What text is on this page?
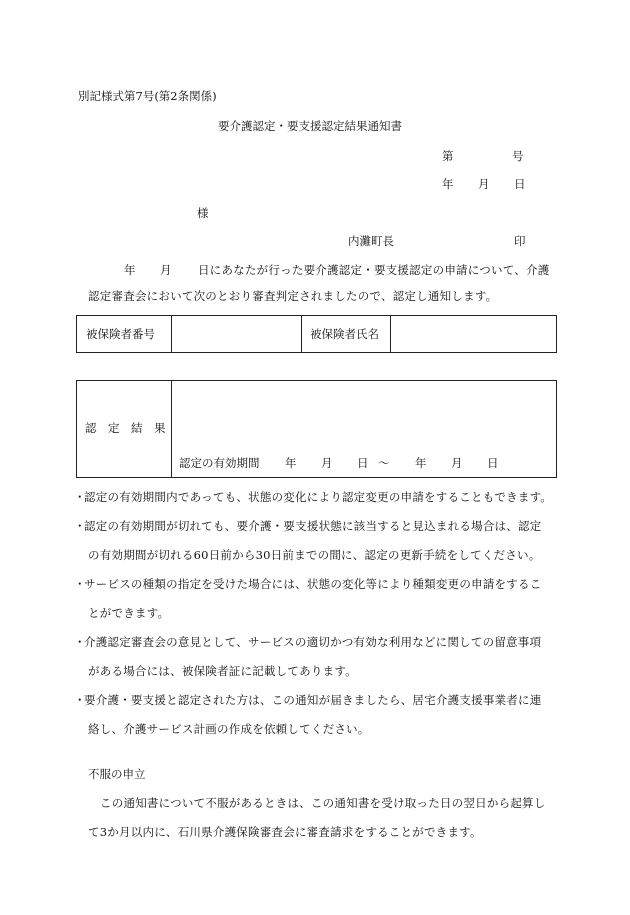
別記様式第7号(第2条関係)
要介護認定・要支援認定結果通知書
第	号
年 月 日
様
内灘町長	印
年 月 日にあなたが行った要介護認定・要支援認定の申請について、介護
認定審査会において次のとおり審査判定されましたので、認定し通知します。
被保険者番号	被保険者氏名
認　定　結　果
認定の有効期間 年 月 日 ～ 年 月 日
・
認定の有効期間内であっても、状態の変化により認定変更の申請をすることもできます。
・
認定の有効期間が切れても、要介護・要支援状態に該当すると見込まれる場合は、認定
の有効期間が切れる60日前から30日前までの間に、認定の更新手続をしてください。
・
サービスの種類の指定を受けた場合には、状態の変化等により種類変更の申請をするこ
とができます。
・
介護認定審査会の意見として、サービスの適切かつ有効な利用などに関しての留意事項
がある場合には、被保険者証に記載してあります。
・
要介護・要支援と認定された方は、この通知が届きましたら、居宅介護支援事業者に連
絡し、介護サービス計画の作成を依頼してください。
不服の申立
この通知書について不服があるときは、この通知書を受け取った日の翌日から起算し
て3か月以内に、石川県介護保険審査会に審査請求をすることができます。
